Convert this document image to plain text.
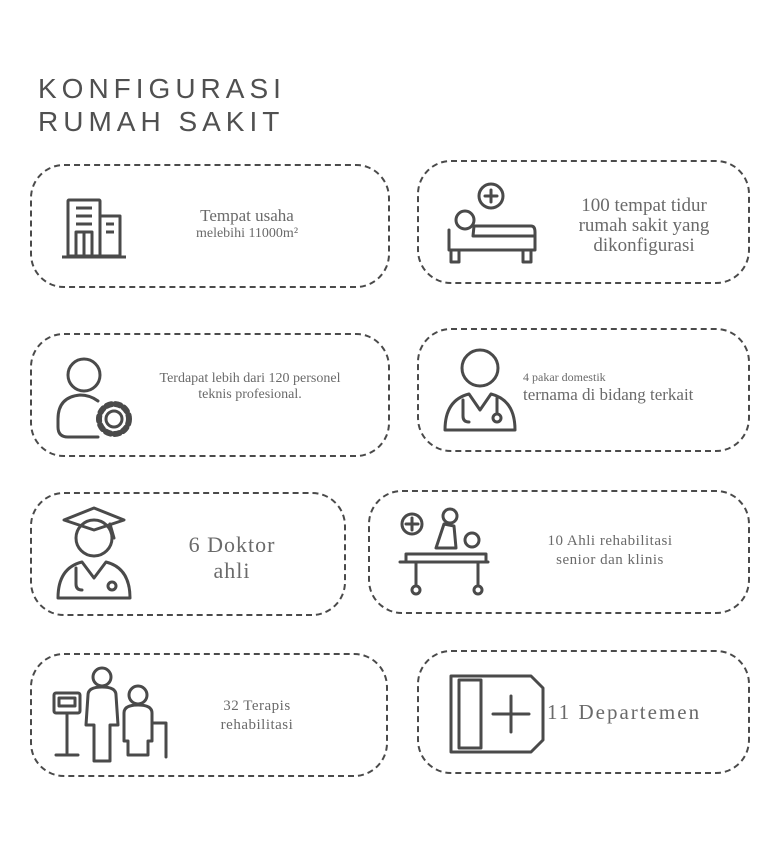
KONFIGURASI
RUMAH SAKIT
Tempat usaha
melebihi 11000m²
100 tempat tidur
rumah sakit yang
dikonfigurasi
Terdapat lebih dari 120 personel
teknis profesional.
4 pakar domestik
ternama di bidang terkait
6 Doktor
ahli
10 Ahli rehabilitasi
senior dan klinis
32 Terapis
rehabilitasi
11 Departemen
